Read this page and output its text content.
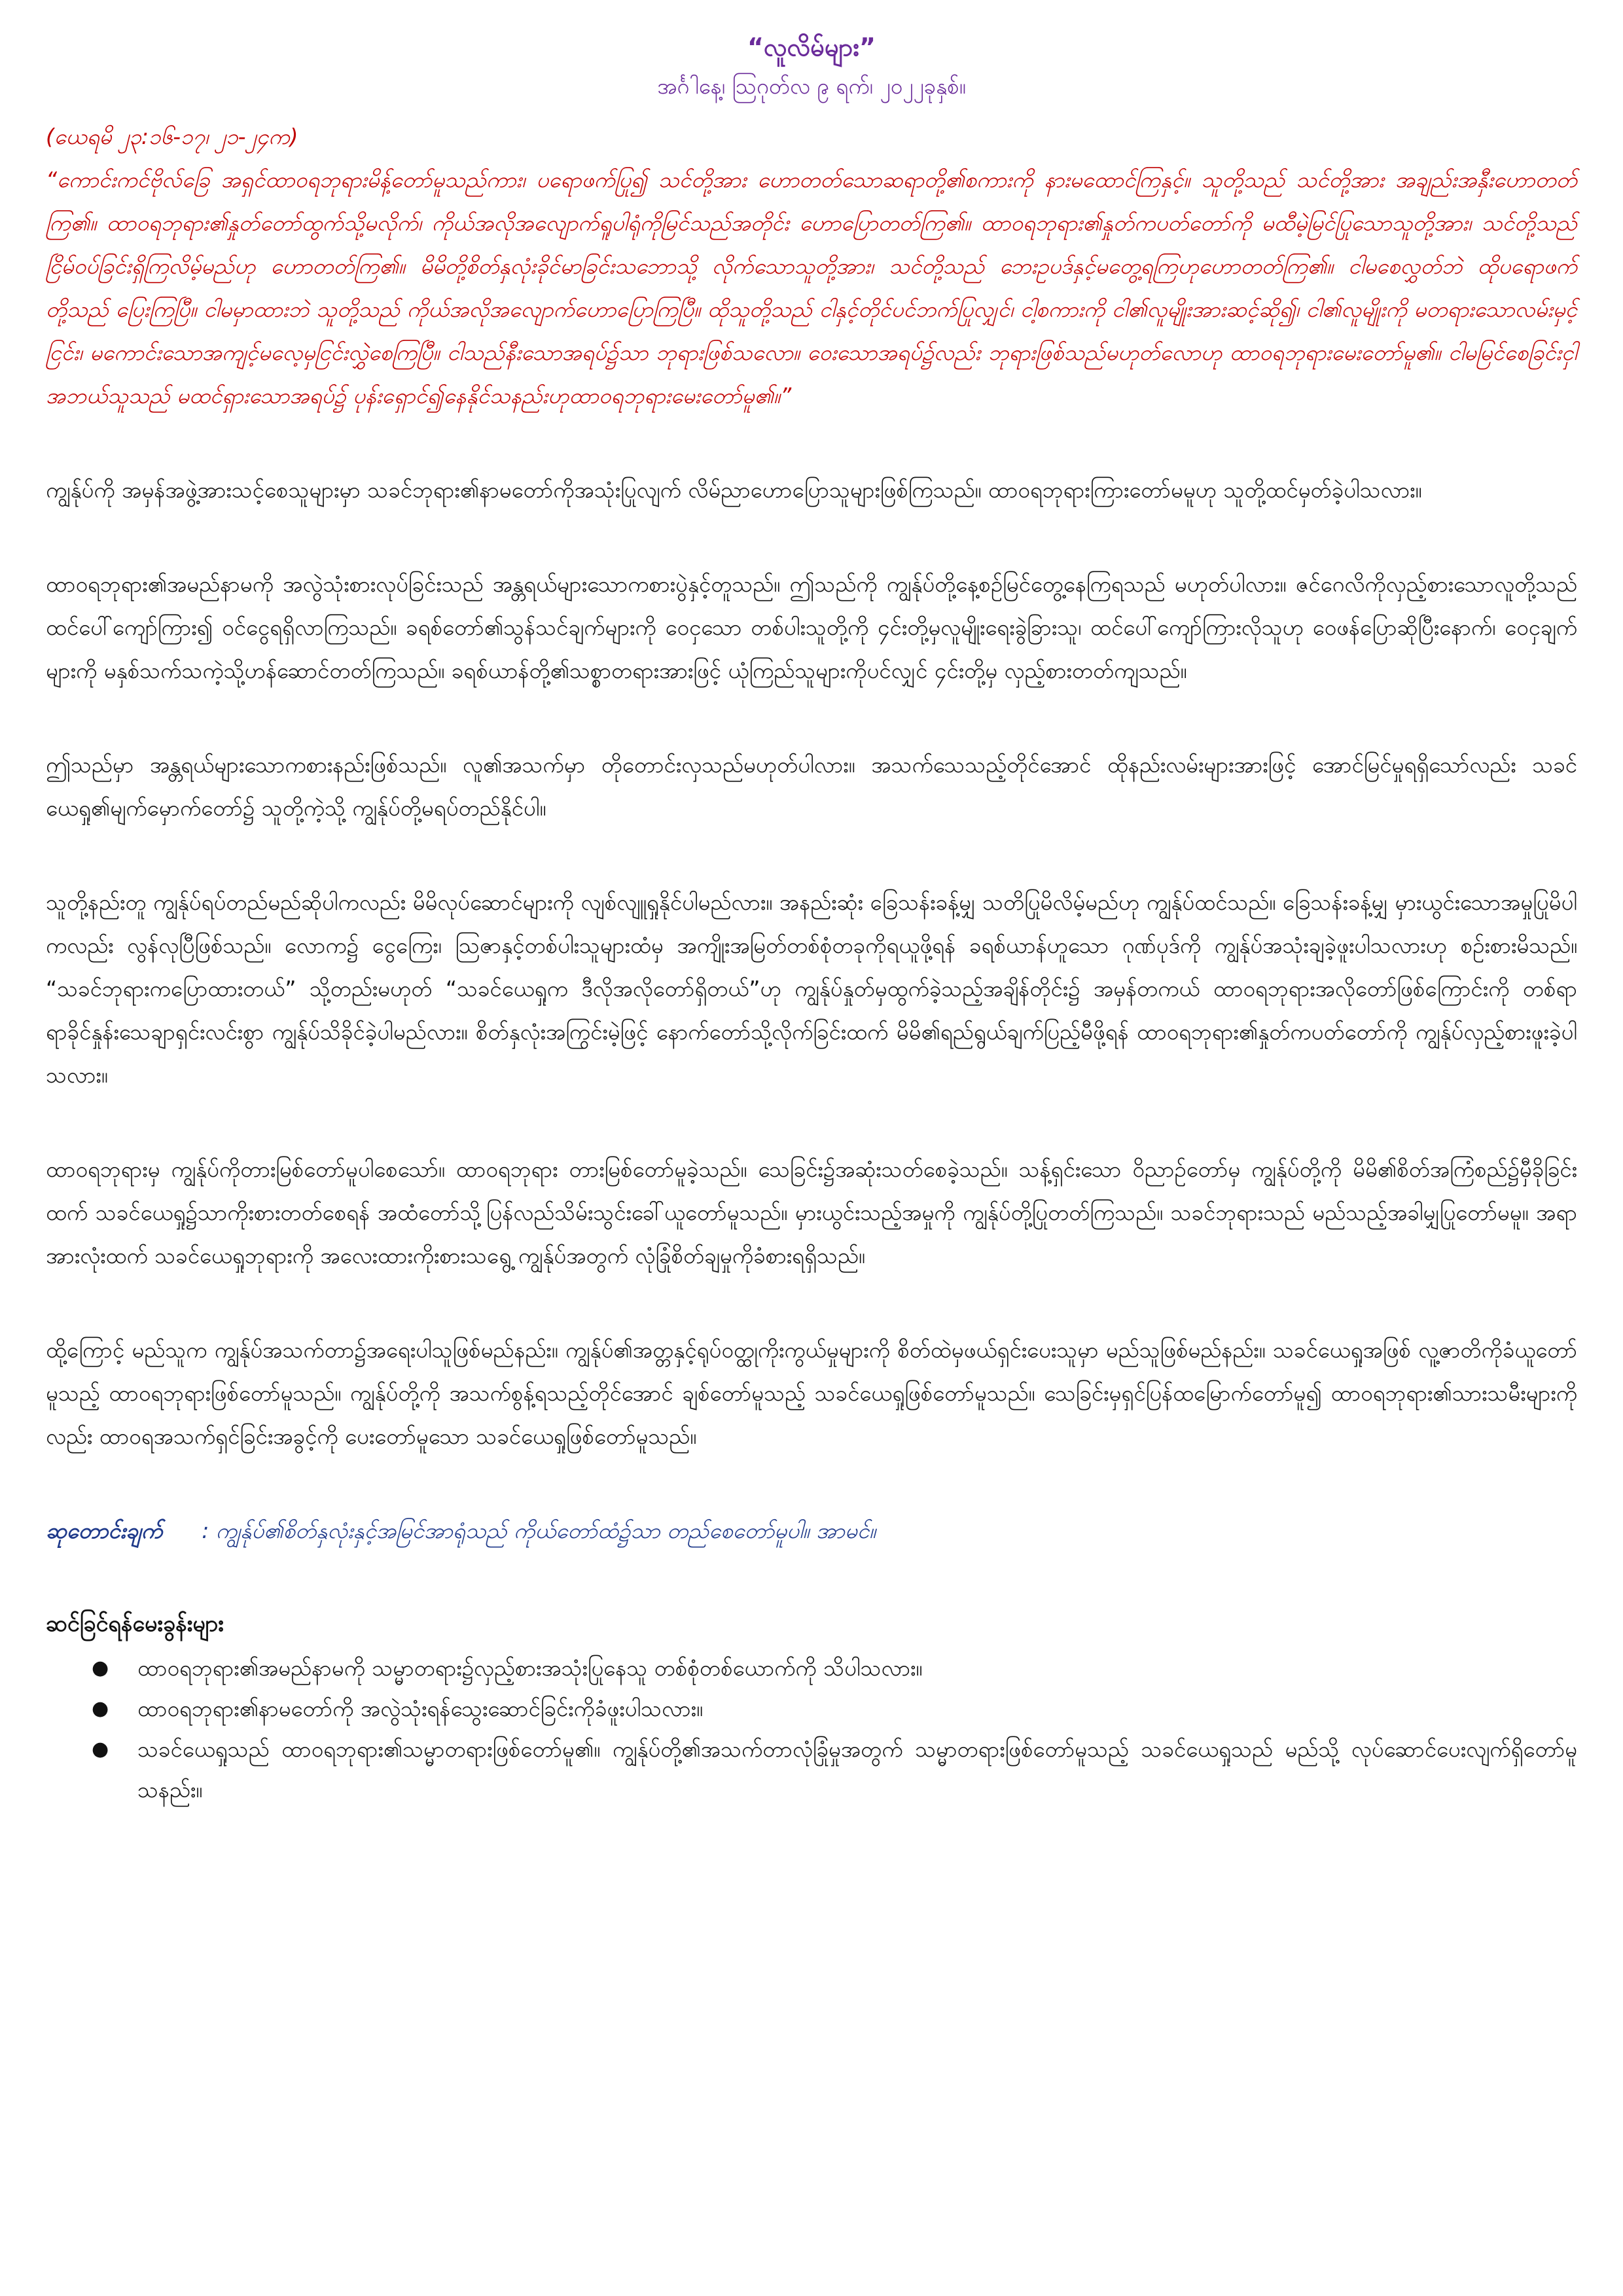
“လူလိမ်များ”
အင်္ဂါနေ့၊ ဩဂုတ်လ ၉ ရက်၊ ၂၀၂၂ခုနှစ်။

(ယေရမိ ၂၃:၁၆-၁၇၊ ၂၁-၂၄က)

“ကောင်းကင်ဗိုလ်ခြေ အရှင်ထာဝရဘုရားမိန့်တော်မူသည်ကား၊ ပရောဖက်ပြု၍ သင်တို့အား ဟောတတ်သောဆရာတို့၏စကားကို နားမထောင်ကြနှင့်။ သူတို့သည် သင်တို့အား အချည်းအနှီးဟောတတ်ကြ၏။ ထာဝရဘုရား၏နှုတ်တော်ထွက်သို့မလိုက်၊ ကိုယ်အလိုအလျောက်ရူပါရုံကိုမြင်သည်အတိုင်း ဟောပြောတတ်ကြ၏။ ထာဝရဘုရား၏နှုတ်ကပတ်တော်ကို မထီမဲ့မြင်ပြုသောသူတို့အား၊ သင်တို့သည် ငြိမ်ဝပ်ခြင်းရှိကြလိမ့်မည်ဟု ဟောတတ်ကြ၏။ မိမိတို့စိတ်နှလုံးခိုင်မာခြင်းသဘောသို့ လိုက်သောသူတို့အား၊ သင်တို့သည် ဘေးဥပဒ်နှင့်မတွေ့ရကြဟုဟောတတ်ကြ၏။ ငါမစေလွှတ်ဘဲ ထိုပရောဖက်တို့သည် ပြေးကြပြီ။ ငါမမှာထားဘဲ သူတို့သည် ကိုယ်အလိုအလျောက်ဟောပြောကြပြီ။ ထိုသူတို့သည် ငါနှင့်တိုင်ပင်ဘက်ပြုလျှင်၊ ငါ့စကားကို ငါ၏လူမျိုးအားဆင့်ဆို၍၊ ငါ၏လူမျိုးကို မတရားသောလမ်းမှင့်ငြင်း၊ မကောင်းသောအကျင့်မလေ့မှငြင်းလွှဲစေကြပြီ။ ငါသည်နီးသောအရပ်၌သာ ဘုရားဖြစ်သလော။ ဝေးသောအရပ်၌လည်း ဘုရားဖြစ်သည်မဟုတ်လောဟု ထာဝရဘုရားမေးတော်မူ၏။ ငါမမြင်စေခြင်းငှါ အဘယ်သူသည် မထင်ရှားသောအရပ်၌ ပုန်းရှောင်၍နေနိုင်သနည်းဟုထာဝရဘုရားမေးတော်မူ၏။”

ကျွန်ုပ်ကို အမှန်အဖွဲ့အားသင့်စေသူများမှာ သခင်ဘုရား၏နာမတော်ကိုအသုံးပြုလျက် လိမ်ညာဟောပြောသူများဖြစ်ကြသည်။ ထာဝရဘုရားကြားတော်မမူဟု သူတို့ထင်မှတ်ခဲ့ပါသလား။

ထာဝရဘုရား၏အမည်နာမကို အလွဲသုံးစားလုပ်ခြင်းသည် အန္တရယ်များသောကစားပွဲနှင့်တူသည်။ ဤသည်ကို ကျွန်ုပ်တို့နေ့စဉ်မြင်တွေ့နေကြရသည် မဟုတ်ပါလား။ ဇင်ဂေလိကိုလှည့်စားသောလူတို့သည် ထင်ပေါ်ကျော်ကြား၍ ဝင်ငွေရရှိလာကြသည်။ ခရစ်တော်၏သွန်သင်ချက်များကို ဝေငှသော တစ်ပါးသူတို့ကို ၄င်းတို့မှလူမျိုးရေးခွဲခြားသူ၊ ထင်ပေါ်ကျော်ကြားလိုသူဟု ဝေဖန်ပြောဆိုပြီးနောက်၊ ဝေငှချက်များကို မနှစ်သက်သကဲ့သို့ဟန်ဆောင်တတ်ကြသည်။ ခရစ်ယာန်တို့၏သစ္စာတရားအားဖြင့် ယုံကြည်သူများကိုပင်လျှင် ၄င်းတို့မှ လှည့်စားတတ်ကျသည်။

ဤသည်မှာ အန္တရယ်များသောကစားနည်းဖြစ်သည်။ လူ၏အသက်မှာ တိုတောင်းလှသည်မဟုတ်ပါလား။ အသက်သေသည့်တိုင်အောင် ထိုနည်းလမ်းများအားဖြင့် အောင်မြင်မှုရရှိသော်လည်း သခင်ယေရှု၏မျက်မှောက်တော်၌ သူတို့ကဲ့သို့ ကျွန်ုပ်တို့မရပ်တည်နိုင်ပါ။

သူတို့နည်းတူ ကျွန်ုပ်ရပ်တည်မည်ဆိုပါကလည်း မိမိလုပ်ဆောင်များကို လျစ်လျူရှုနိုင်ပါမည်လား။ အနည်းဆုံး ခြေသန်းခန့်မျှ သတိပြုမိလိမ့်မည်ဟု ကျွန်ုပ်ထင်သည်။ ခြေသန်းခန့်မျှ မှားယွင်းသောအမှုပြုမိပါကလည်း လွန်လုပြီဖြစ်သည်။ လောက၌ ငွေကြေး၊ ဩဇာနှင့်တစ်ပါးသူများထံမှ အကျိုးအမြတ်တစ်စုံတခုကိုရယူဖို့ရန် ခရစ်ယာန်ဟူသော ဂုဏ်ပုဒ်ကို ကျွန်ုပ်အသုံးချခဲ့ဖူးပါသလားဟု စဉ်းစားမိသည်။ “သခင်ဘုရားကပြောထားတယ်” သို့တည်းမဟုတ် “သခင်ယေရှုက ဒီလိုအလိုတော်ရှိတယ်”ဟု ကျွန်ုပ်နှုတ်မှထွက်ခဲ့သည့်အချိန်တိုင်း၌ အမှန်တကယ် ထာဝရဘုရားအလိုတော်ဖြစ်ကြောင်းကို တစ်ရာရာခိုင်နှုန်းသေချာရှင်းလင်းစွာ ကျွန်ုပ်သိခိုင်ခဲ့ပါမည်လား။ စိတ်နှလုံးအကြွင်းမဲ့ဖြင့် နောက်တော်သို့လိုက်ခြင်းထက် မိမိ၏ရည်ရွယ်ချက်ပြည့်မီဖို့ရန် ထာဝရဘုရား၏နှုတ်ကပတ်တော်ကို ကျွန်ုပ်လှည့်စားဖူးခဲ့ပါသလား။

ထာဝရဘုရားမှ ကျွန်ုပ်ကိုတားမြစ်တော်မူပါစေသော်။ ထာဝရဘုရား တားမြစ်တော်မူခဲ့သည်။ သေခြင်း၌အဆုံးသတ်စေခဲ့သည်။ သန့်ရှင်းသော ဝိညာဉ်တော်မှ ကျွန်ုပ်တို့ကို မိမိ၏စိတ်အကြံစည်၌မှီခိုခြင်းထက် သခင်ယေရှု၌သာကိုးစားတတ်စေရန် အထံတော်သို့ပြန်လည်သိမ်းသွင်းခေါ်ယူတော်မူသည်။ မှားယွင်းသည့်အမှုကို ကျွန်ုပ်တို့ပြုတတ်ကြသည်။ သခင်ဘုရားသည် မည်သည့်အခါမျှပြုတော်မမူ။ အရာအားလုံးထက် သခင်ယေရှုဘုရားကို အလေးထားကိုးစားသရွေ့ ကျွန်ုပ်အတွက် လုံခြုံစိတ်ချမှုကိုခံစားရရှိသည်။

ထို့ကြောင့် မည်သူက ကျွန်ုပ်အသက်တာ၌အရေးပါသူဖြစ်မည်နည်း။ ကျွန်ုပ်၏အတ္တနှင့်ရုပ်ဝတ္ထုကိုးကွယ်မှုများကို စိတ်ထဲမှဖယ်ရှင်းပေးသူမှာ မည်သူဖြစ်မည်နည်း။ သခင်ယေရှုအဖြစ် လူ့ဇာတိကိုခံယူတော်မူသည့် ထာဝရဘုရားဖြစ်တော်မူသည်။ ကျွန်ုပ်တို့ကို အသက်စွန့်ရသည့်တိုင်အောင် ချစ်တော်မူသည့် သခင်ယေရှုဖြစ်တော်မူသည်။ သေခြင်းမှရှင်ပြန်ထမြောက်တော်မူ၍ ထာဝရဘုရား၏သားသမီးများကိုလည်း ထာဝရအသက်ရှင်ခြင်းအခွင့်ကို ပေးတော်မူသော သခင်ယေရှုဖြစ်တော်မူသည်။

ဆုတောင်းချက် : ကျွန်ုပ်၏စိတ်နှလုံးနှင့်အမြင်အာရုံသည် ကိုယ်တော်ထံ၌သာ တည်စေတော်မူပါ။ အာမင်။

ဆင်ခြင်ရန်မေးခွန်းများ
● ထာဝရဘုရား၏အမည်နာမကို သမ္မာတရား၌လှည့်စားအသုံးပြုနေသူ တစ်စုံတစ်ယောက်ကို သိပါသလား။
● ထာဝရဘုရား၏နာမတော်ကို အလွဲသုံးရန်သွေးဆောင်ခြင်းကိုခံဖူးပါသလား။
● သခင်ယေရှုသည် ထာဝရဘုရား၏သမ္မာတရားဖြစ်တော်မူ၏။ ကျွန်ုပ်တို့၏အသက်တာလုံခြုံမှုအတွက် သမ္မာတရားဖြစ်တော်မူသည့် သခင်ယေရှုသည် မည်သို့ လုပ်ဆောင်ပေးလျက်ရှိတော်မူသနည်း။
